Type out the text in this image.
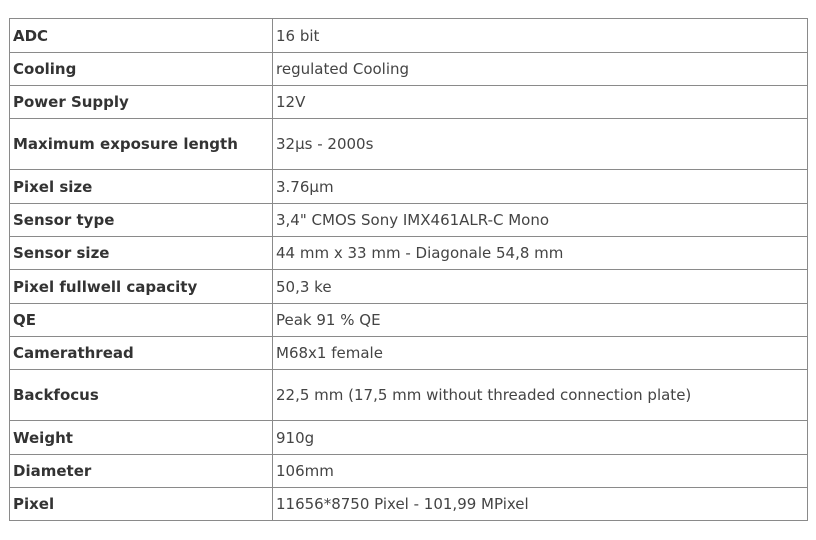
ADC	16 bit
Cooling	regulated Cooling
Power Supply	12V
Maximum exposure length	32µs - 2000s
Pixel size	3.76µm
Sensor type	3,4" CMOS Sony IMX461ALR-C Mono
Sensor size	44 mm x 33 mm - Diagonale 54,8 mm
Pixel fullwell capacity	50,3 ke
QE	Peak 91 % QE
Camerathread	M68x1 female
Backfocus	22,5 mm (17,5 mm without threaded connection plate)
Weight	910g
Diameter	106mm
Pixel	11656*8750 Pixel - 101,99 MPixel
